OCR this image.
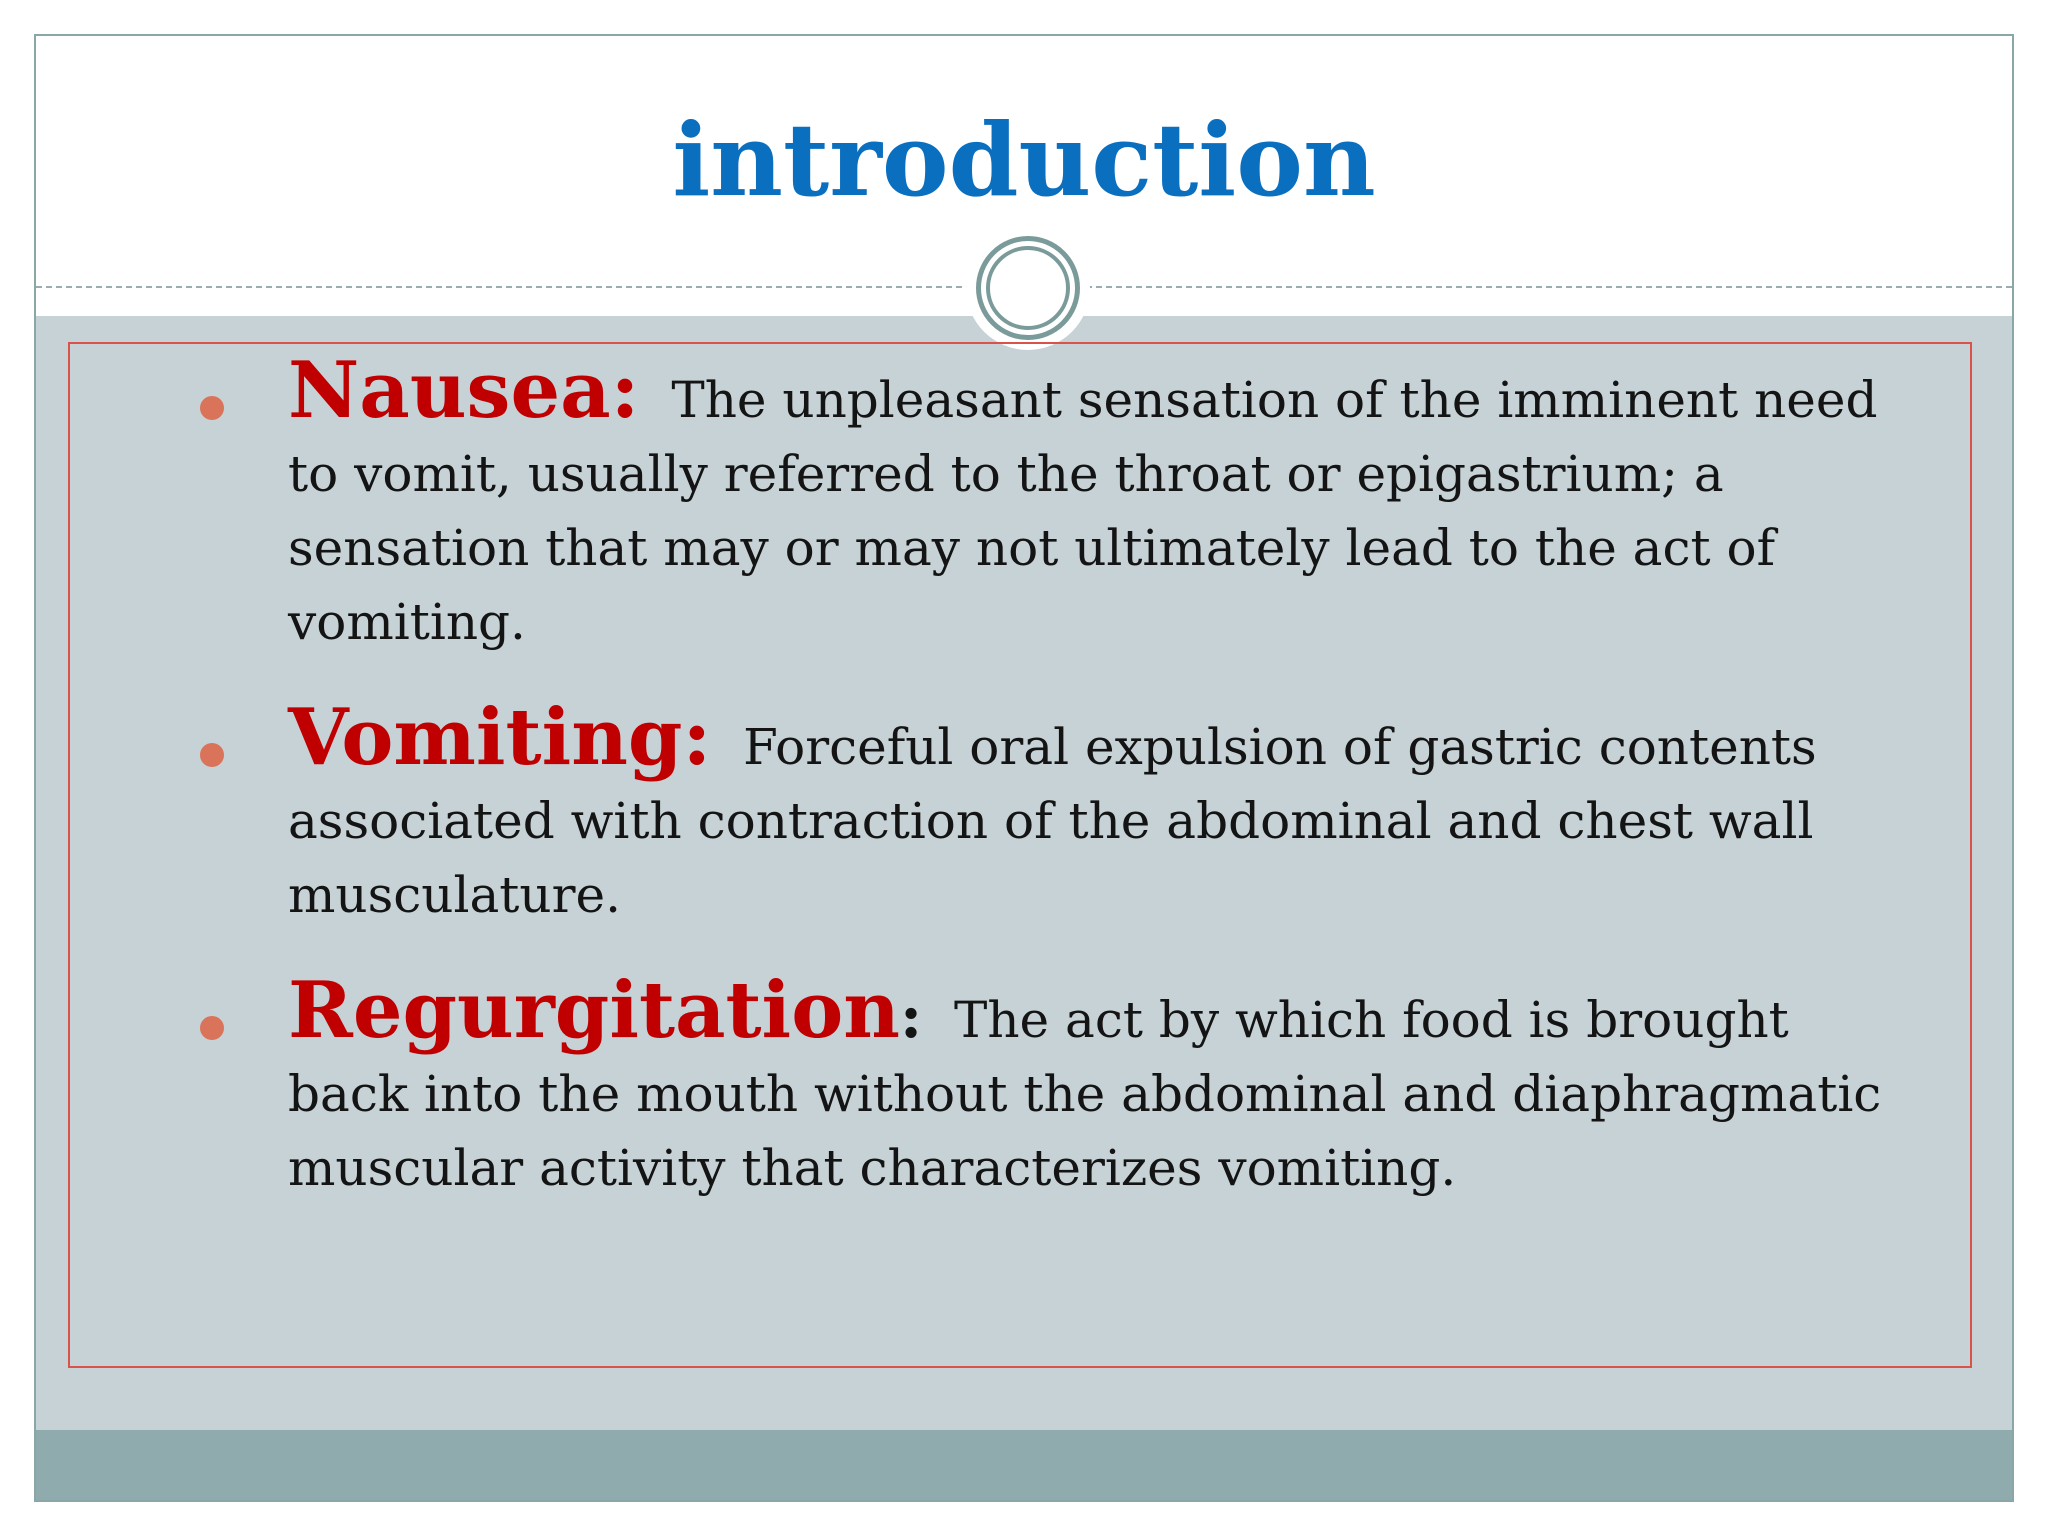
introduction
Nausea: The unpleasant sensation of the imminent need to vomit, usually referred to the throat or epigastrium; a sensation that may or may not ultimately lead to the act of vomiting.
Vomiting: Forceful oral expulsion of gastric contents associated with contraction of the abdominal and chest wall musculature.
Regurgitation: The act by which food is brought back into the mouth without the abdominal and diaphragmatic muscular activity that characterizes vomiting.
